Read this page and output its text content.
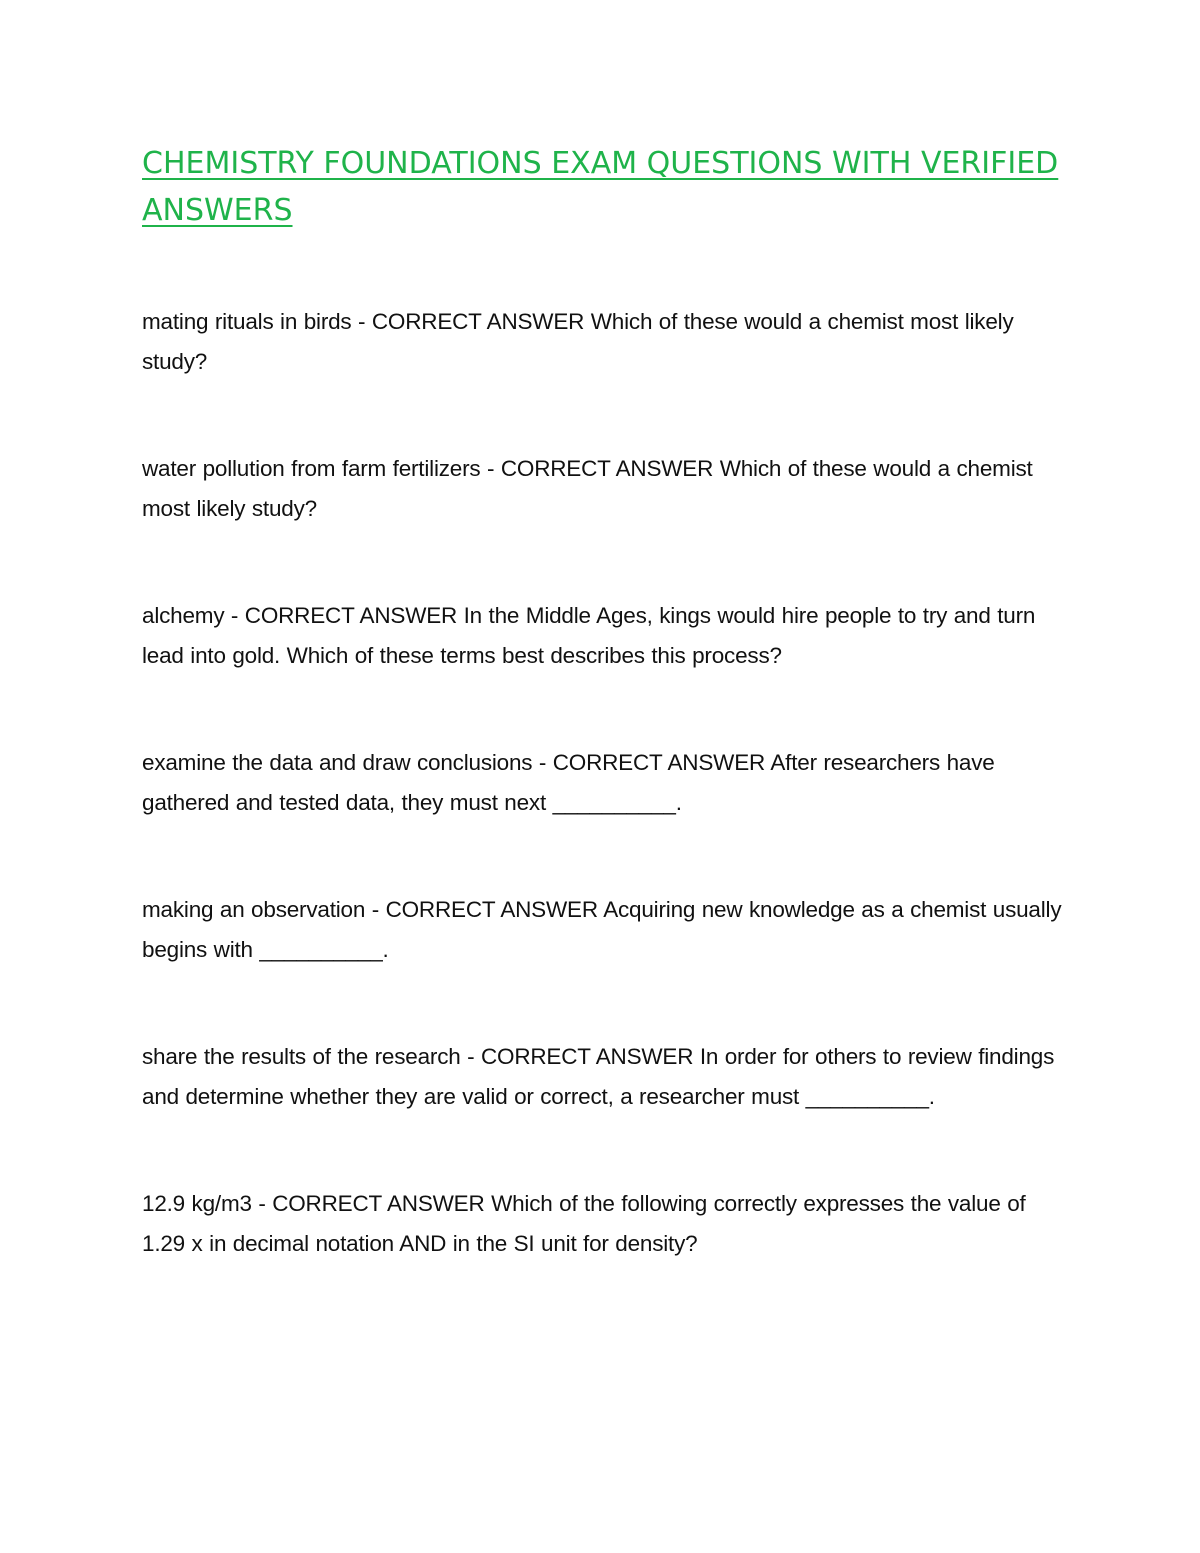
CHEMISTRY FOUNDATIONS EXAM QUESTIONS WITH VERIFIED ANSWERS
mating rituals in birds - CORRECT ANSWER Which of these would a chemist most likely study?
water pollution from farm fertilizers - CORRECT ANSWER Which of these would a chemist most likely study?
alchemy - CORRECT ANSWER In the Middle Ages, kings would hire people to try and turn lead into gold. Which of these terms best describes this process?
examine the data and draw conclusions - CORRECT ANSWER After researchers have gathered and tested data, they must next __________.
making an observation - CORRECT ANSWER Acquiring new knowledge as a chemist usually begins with __________.
share the results of the research - CORRECT ANSWER In order for others to review findings and determine whether they are valid or correct, a researcher must __________.
12.9 kg/m3 - CORRECT ANSWER Which of the following correctly expresses the value of 1.29 x in decimal notation AND in the SI unit for density?
